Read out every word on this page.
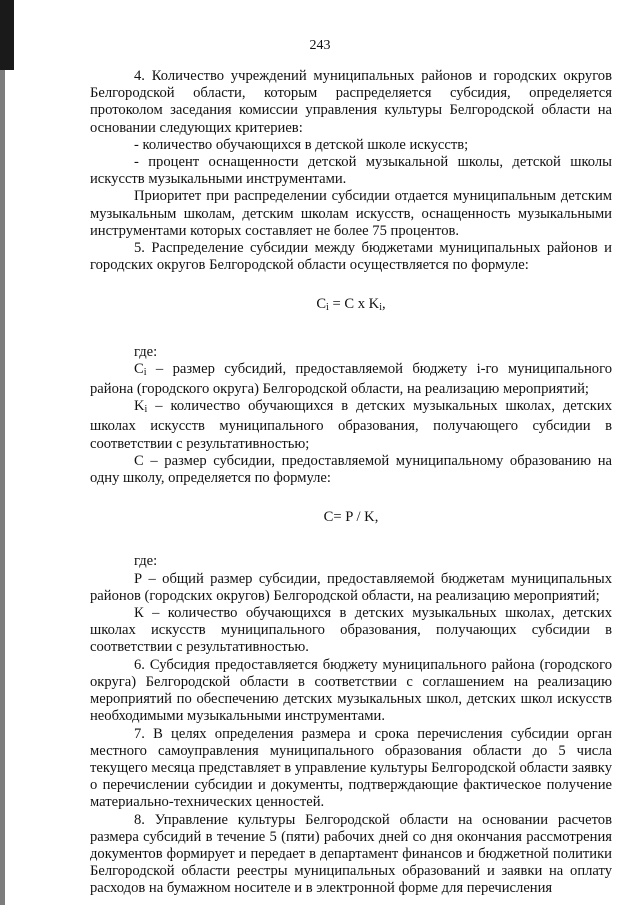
243

4. Количество учреждений муниципальных районов и городских округов Белгородской области, которым распределяется субсидия, определяется протоколом заседания комиссии управления культуры Белгородской области на основании следующих критериев:

- количество обучающихся в детской школе искусств;

- процент оснащенности детской музыкальной школы, детской школы искусств музыкальными инструментами.

Приоритет при распределении субсидии отдается муниципальным детским музыкальным школам, детским школам искусств, оснащенность музыкальными инструментами которых составляет не более 75 процентов.

5. Распределение субсидии между бюджетами муниципальных районов и городских округов Белгородской области осуществляется по формуле:

$C_i = C$ x $K_i$,

где:

$C_i$ – размер субсидий, предоставляемой бюджету i-го муниципального района (городского округа) Белгородской области, на реализацию мероприятий;

$K_i$ – количество обучающихся в детских музыкальных школах, детских школах искусств муниципального образования, получающего субсидии в соответствии с результативностью;

С – размер субсидии, предоставляемой муниципальному образованию на одну школу, определяется по формуле:

C= P / K,

где:

Р – общий размер субсидии, предоставляемой бюджетам муниципальных районов (городских округов) Белгородской области, на реализацию мероприятий;

К – количество обучающихся в детских музыкальных школах, детских школах искусств муниципального образования, получающих субсидии в соответствии с результативностью.

6. Субсидия предоставляется бюджету муниципального района (городского округа) Белгородской области в соответствии с соглашением на реализацию мероприятий по обеспечению детских музыкальных школ, детских школ искусств необходимыми музыкальными инструментами.

7. В целях определения размера и срока перечисления субсидии орган местного самоуправления муниципального образования области до 5 числа текущего месяца представляет в управление культуры Белгородской области заявку о перечислении субсидии и документы, подтверждающие фактическое получение материально-технических ценностей.

8. Управление культуры Белгородской области на основании расчетов размера субсидий в течение 5 (пяти) рабочих дней со дня окончания рассмотрения документов формирует и передает в департамент финансов и бюджетной политики Белгородской области реестры муниципальных образований и заявки на оплату расходов на бумажном носителе и в электронной форме для перечисления
